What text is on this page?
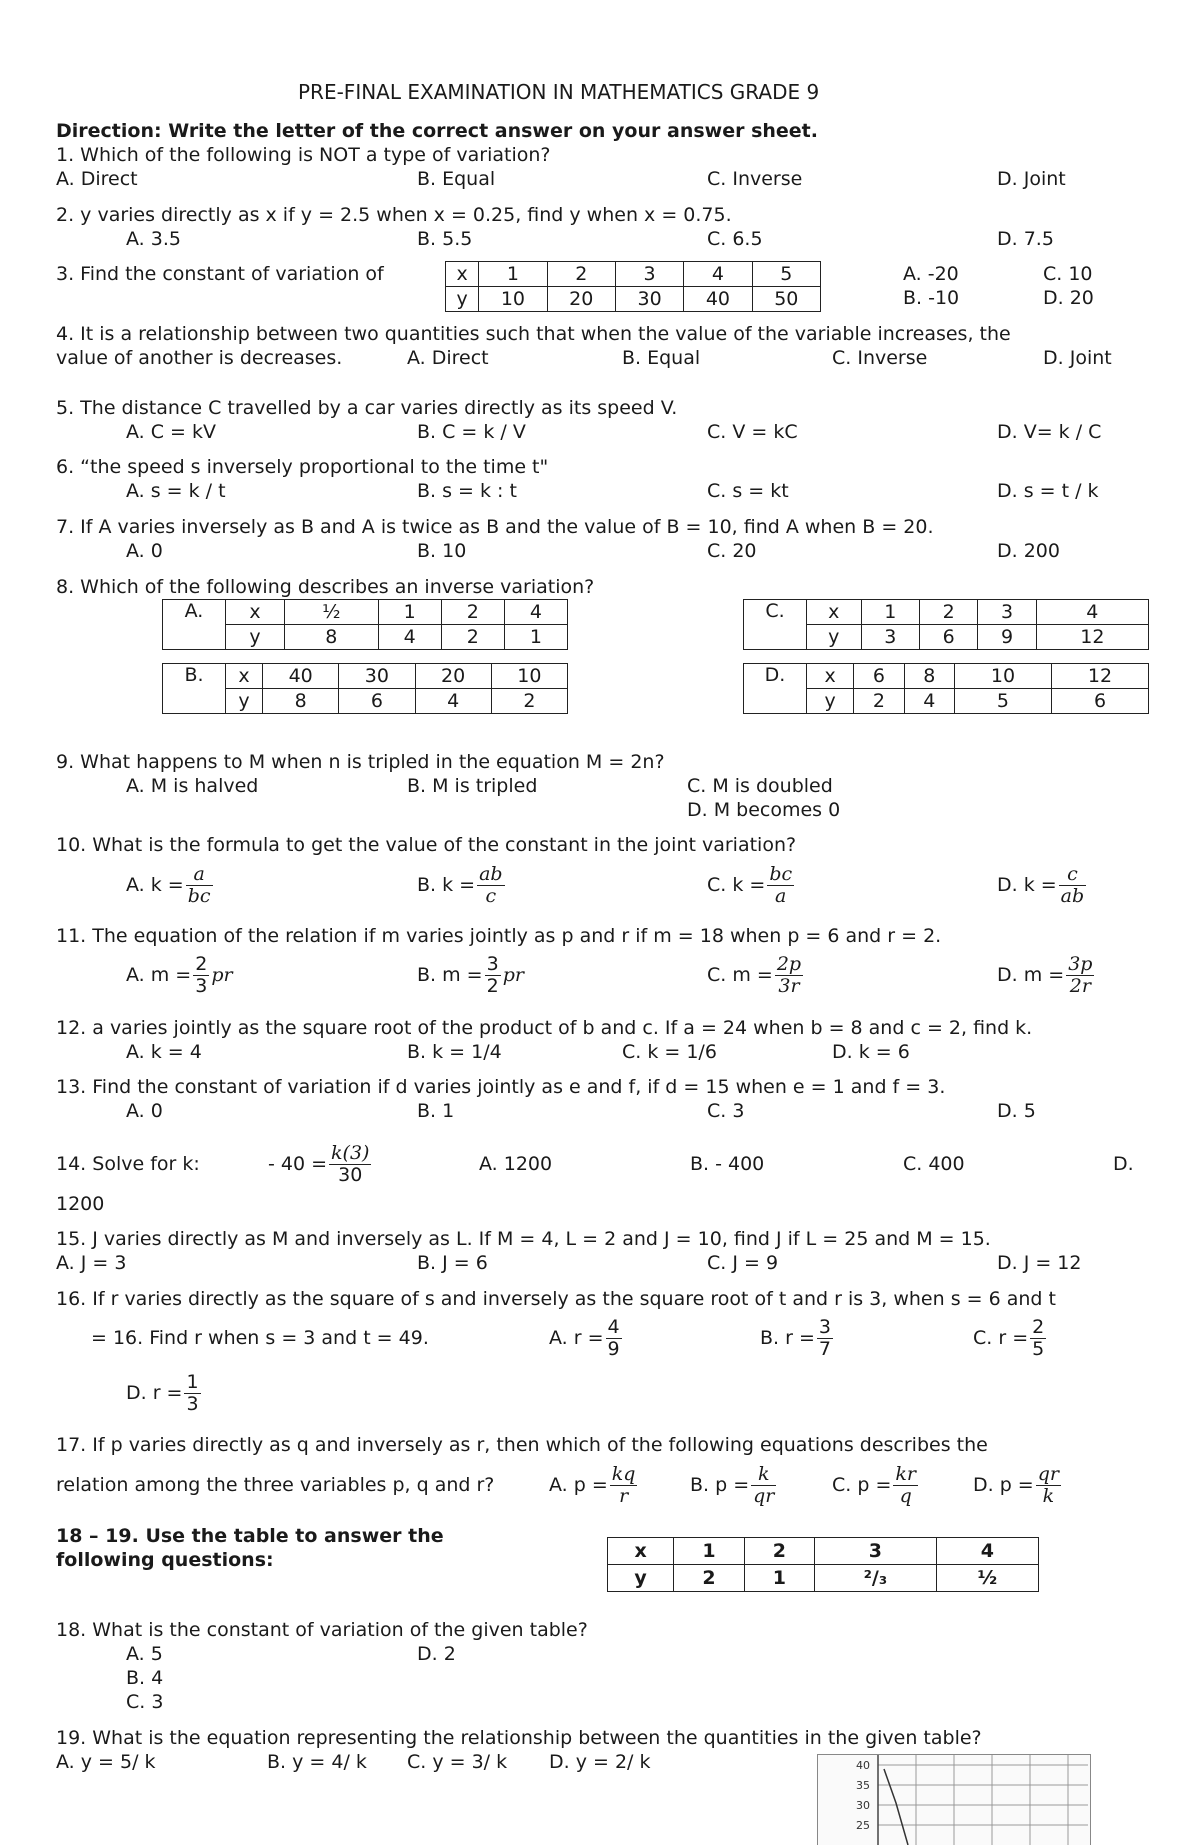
PRE-FINAL EXAMINATION IN MATHEMATICS GRADE 9
Direction: Write the letter of the correct answer on your answer sheet.
1. Which of the following is NOT a type of variation?
A. Direct	B. Equal	C. Inverse	D. Joint
2. y varies directly as x if y = 2.5 when x = 0.25, find y when x = 0.75.
A. 3.5	B. 5.5	C. 6.5	D. 7.5
3. Find the constant of variation of	x	1	2	3	4	5
y	10	20	30	40	50
A. -20	C. 10
B. -10	D. 20
4. It is a relationship between two quantities such that when the value of the variable increases, the
value of another is decreases.	A. Direct	B. Equal	C. Inverse	D. Joint
5. The distance C travelled by a car varies directly as its speed V.
A. C = kV	B. C = k / V	C. V = kC	D. V= k / C
6. “the speed s inversely proportional to the time t"
A. s = k / t	B. s = k : t	C. s = kt	D. s = t / k
7. If A varies inversely as B and A is twice as B and the value of B = 10, find A when B = 20.
A. 0	B. 10	C. 20	D. 200
8. Which of the following describes an inverse variation?
A.	x	½	1	2	4
	y	8	4	2	1
C.	x	1	2	3	4
	y	3	6	9	12
B.	x	40	30	20	10
	y	8	6	4	2
D.	x	6	8	10	12
	y	2	4	5	6
9. What happens to M when n is tripled in the equation M = 2n?
A. M is halved	B. M is tripled	C. M is doubled
D. M becomes 0
10. What is the formula to get the value of the constant in the joint variation?
A. $k = \frac{a}{bc}$	B. $k = \frac{ab}{c}$	C. $k = \frac{bc}{a}$	D. $k = \frac{c}{ab}$
11. The equation of the relation if m varies jointly as p and r if m = 18 when p = 6 and r = 2.
A. $m = \frac{2}{3}$ pr	B. $m = \frac{3}{2}$ pr	C. $m = \frac{2p}{3r}$	D. $m = \frac{3p}{2r}$
12. a varies jointly as the square root of the product of b and c. If a = 24 when b = 8 and c = 2, find k.
A. k = 4	B. k = 1/4	C. k = 1/6	D. k = 6
13. Find the constant of variation if d varies jointly as e and f, if d = 15 when e = 1 and f = 3.
A. 0	B. 1	C. 3	D. 5
14. Solve for k:	- $40 = \frac{k(3)}{30}$	A. 1200	B. - 400	C. 400	D.
1200
15. J varies directly as M and inversely as L. If M = 4, L = 2 and J = 10, find J if L = 25 and M = 15.
A. J = 3	B. J = 6	C. J = 9	D. J = 12
16. If r varies directly as the square of s and inversely as the square root of t and r is 3, when s = 6 and t
= 16. Find r when s = 3 and t = 49.	A. $r = \frac{4}{9}$	B. $r = \frac{3}{7}$	C. $r = \frac{2}{5}$
D. $r = \frac{1}{3}$
17. If p varies directly as q and inversely as r, then which of the following equations describes the
relation among the three variables p, q and r?	A. $p = \frac{kq}{r}$	B. $p = \frac{k}{qr}$	C. $p = \frac{kr}{q}$	D. $p = \frac{qr}{k}$
18 – 19. Use the table to answer the
following questions:	x	1	2	3	4
y	2	1	²/₃	½
18. What is the constant of variation of the given table?
A. 5	D. 2
B. 4
C. 3
19. What is the equation representing the relationship between the quantities in the given table?
A. y = 5/ k	B. y = 4/ k C. y = 3/ k D. y = 2/ k	40
35
30
25
